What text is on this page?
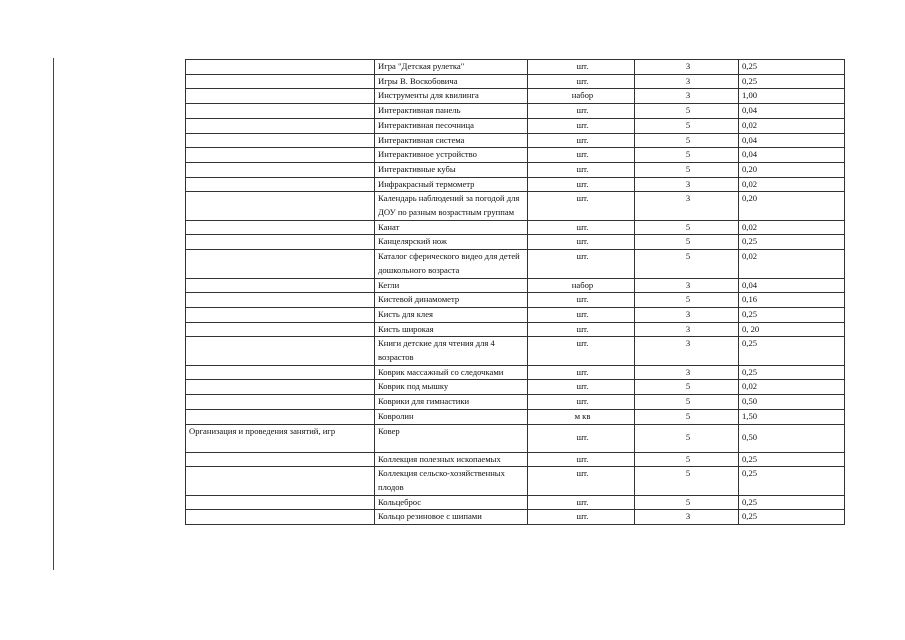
	Игра "Детская рулетка"	шт.	3	0,25
	Игры В. Воскобовича	шт.	3	0,25
	Инструменты для квилинга	набор	3	1,00
	Интерактивная панель	шт.	5	0,04
	Интерактивная песочница	шт.	5	0,02
	Интерактивная система	шт.	5	0,04
	Интерактивное устройство	шт.	5	0,04
	Интерактивные кубы	шт.	5	0,20
	Инфракрасный термометр	шт.	3	0,02
	Календарь наблюдений за погодой для ДОУ по разным возрастным группам	шт.	3	0,20
	Канат	шт.	5	0,02
	Канцелярский нож	шт.	5	0,25
	Каталог сферического видео для детей дошкольного возраста	шт.	5	0,02
	Кегли	набор	3	0,04
	Кистевой динамометр	шт.	5	0,16
	Кисть для клея	шт.	3	0,25
	Кисть широкая	шт.	3	0, 20
	Книги детские для чтения для 4 возрастов	шт.	3	0,25
	Коврик массажный со следочками	шт.	3	0,25
	Коврик под мышку	шт.	5	0,02
	Коврики для гимнастики	шт.	5	0,50
	Ковролин	м кв	5	1,50
Организация и проведения занятий, игр	Ковер	шт.	5	0,50
	Коллекция полезных ископаемых	шт.	5	0,25
	Коллекция сельско-хозяйственных плодов	шт.	5	0,25
	Кольцеброс	шт.	5	0,25
	Кольцо резиновое с шипами	шт.	3	0,25
